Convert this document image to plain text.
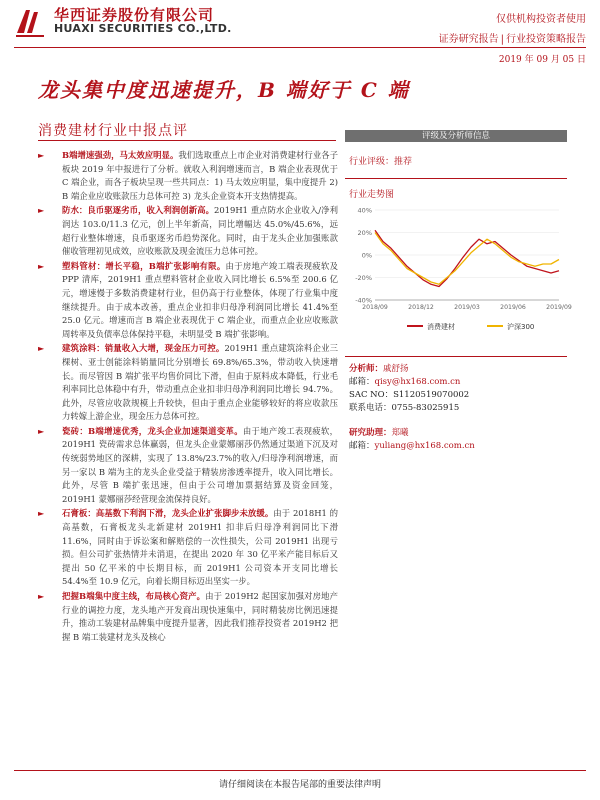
华西证券股份有限公司
HUAXI SECURITIES CO.,LTD.
仅供机构投资者使用
证券研究报告 | 行业投资策略报告
2019 年 09 月 05 日
龙头集中度迅速提升，B 端好于 C 端
消费建材行业中报点评
► B端增速强劲，马太效应明显。我们选取重点上市企业对消费建材行业各子板块 2019 年中报进行了分析。就收入利润增速而言，B 端企业表现优于 C 端企业，而各子板块呈现一些共同点：1) 马太效应明显，集中度提升 2) B 端企业应收账款压力总体可控 3) 龙头企业资本开支热情提高。
► 防水：良币驱逐劣币，收入利润创新高。2019H1 重点防水企业收入/净利润达 103.0/11.3 亿元，创上半年新高，同比增幅达 45.0%/45.6%，远超行业整体增速，良币驱逐劣币趋势深化。同时，由于龙头企业加强账款催收管理初见成效，应收账款及现金流压力总体可控。
► 塑料管材：增长平稳，B端扩张影响有限。由于房地产竣工端表现疲软及 PPP 清库，2019H1 重点塑料管材企业收入同比增长 6.5%至 200.6 亿元，增速慢于多数消费建材行业，但仍高于行业整体，体现了行业集中度继续提升。由于成本改善，重点企业扣非归母净利润同比增长 41.4%至 25.0 亿元。增速而言 B 端企业表现优于 C 端企业，而重点企业应收账款周转率及负债率总体保持平稳，未明显受 B 端扩张影响。
► 建筑涂料：销量收入大增，现金压力可控。2019H1 重点建筑涂料企业三棵树、亚士创能涂料销量同比分别增长 69.8%/65.3%，带动收入快速增长。而尽管因 B 端扩张平均售价同比下滑，但由于原料成本降低，行业毛利率同比总体稳中有升，带动重点企业扣非归母净利润同比增长 94.7%。此外，尽管应收款规模上升较快，但由于重点企业能够较好的将应收款压力转嫁上游企业，现金压力总体可控。
► 瓷砖：B端增速优秀，龙头企业加速渠道变革。由于地产竣工表现疲软，2019H1 瓷砖需求总体赢弱，但龙头企业蒙娜丽莎仍然通过渠道下沉及对传统弱势地区的深耕，实现了 13.8%/23.7%的收入/归母净利润增速，而另一家以 B 端为主的龙头企业受益于精装房渗透率提升，收入同比增长。此外，尽管 B 端扩张迅速，但由于公司增加票据结算及资金回笼，2019H1 蒙娜丽莎经营现金流保持良好。
► 石膏板：高基数下利润下滑，龙头企业扩张脚步未放缓。由于 2018H1 的高基数，石膏板龙头北新建材 2019H1 扣非后归母净利润同比下滑 11.6%，同时由于诉讼案和解赔偿的一次性损失，公司 2019H1 出现亏损。但公司扩张热情并未消退，在提出 2020 年 30 亿平米产能目标后又提出 50 亿平米的中长期目标，而 2019H1 公司资本开支同比增长 54.4%至 10.9 亿元，向着长期目标迈出坚实一步。
► 把握B端集中度主线，布局核心资产。由于 2019H2 起国家加强对房地产行业的调控力度，龙头地产开发商出现快速集中，同时精装房比例迅速提升，推动工装建材品牌集中度提升显著，因此我们推荐投资者 2019H2 把握 B 端工装建材龙头及核心
评级及分析师信息
行业评级：推荐
行业走势图
40%
20%
0%
-20%
-40%
2018/09	2018/12	2019/03	2019/06	2019/09
消费建材	沪深300
分析师：戚舒扬
邮箱：qisy@hx168.com.cn
SAC NO：S1120519070002
联系电话：0755-83025915
研究助理：郑曦
邮箱：yuliang@hx168.com.cn
请仔细阅读在本报告尾部的重要法律声明
